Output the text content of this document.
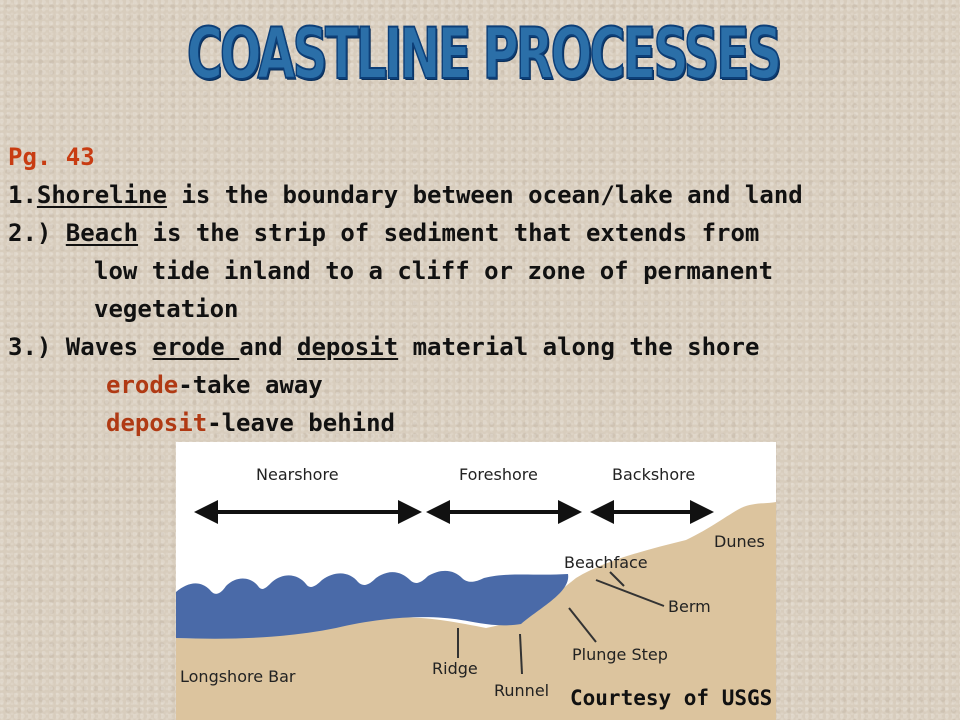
COASTLINE PROCESSES
Pg. 43
1.Shoreline is the boundary between ocean/lake and land
2.) Beach is the strip of sediment that extends from
low tide inland to a cliff or zone of permanent
vegetation
3.) Waves erode and deposit material along the shore
erode-take away
deposit-leave behind
Nearshore	Foreshore	Backshore
Dunes
Beachface
Berm
Plunge Step
Ridge
Runnel
Longshore Bar
Courtesy of USGS
